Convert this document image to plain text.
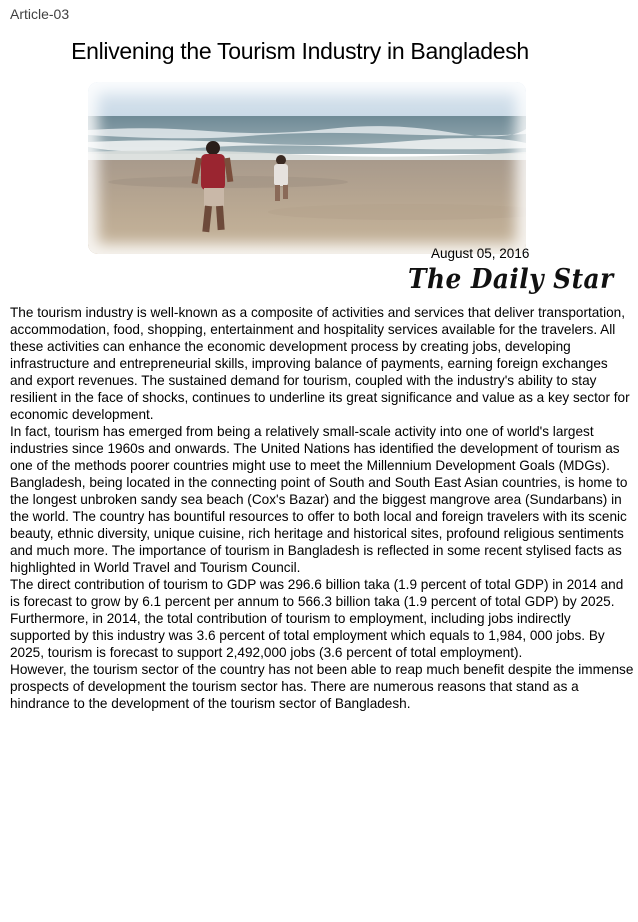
Article-03
Enlivening the Tourism Industry in Bangladesh
August 05, 2016
The Daily Star

The tourism industry is well-known as a composite of activities and services that deliver transportation, accommodation, food, shopping, entertainment and hospitality services available for the travelers. All these activities can enhance the economic development process by creating jobs, developing infrastructure and entrepreneurial skills, improving balance of payments, earning foreign exchanges and export revenues. The sustained demand for tourism, coupled with the industry's ability to stay resilient in the face of shocks, continues to underline its great significance and value as a key sector for economic development.

In fact, tourism has emerged from being a relatively small-scale activity into one of world's largest industries since 1960s and onwards. The United Nations has identified the development of tourism as one of the methods poorer countries might use to meet the Millennium Development Goals (MDGs).

Bangladesh, being located in the connecting point of South and South East Asian countries, is home to the longest unbroken sandy sea beach (Cox's Bazar) and the biggest mangrove area (Sundarbans) in the world. The country has bountiful resources to offer to both local and foreign travelers with its scenic beauty, ethnic diversity, unique cuisine, rich heritage and historical sites, profound religious sentiments and much more. The importance of tourism in Bangladesh is reflected in some recent stylised facts as highlighted in World Travel and Tourism Council.

The direct contribution of tourism to GDP was 296.6 billion taka (1.9 percent of total GDP) in 2014 and is forecast to grow by 6.1 percent per annum to 566.3 billion taka (1.9 percent of total GDP) by 2025. Furthermore, in 2014, the total contribution of tourism to employment, including jobs indirectly supported by this industry was 3.6 percent of total employment which equals to 1,984, 000 jobs. By 2025, tourism is forecast to support 2,492,000 jobs (3.6 percent of total employment).

However, the tourism sector of the country has not been able to reap much benefit despite the immense prospects of development the tourism sector has. There are numerous reasons that stand as a hindrance to the development of the tourism sector of Bangladesh.
